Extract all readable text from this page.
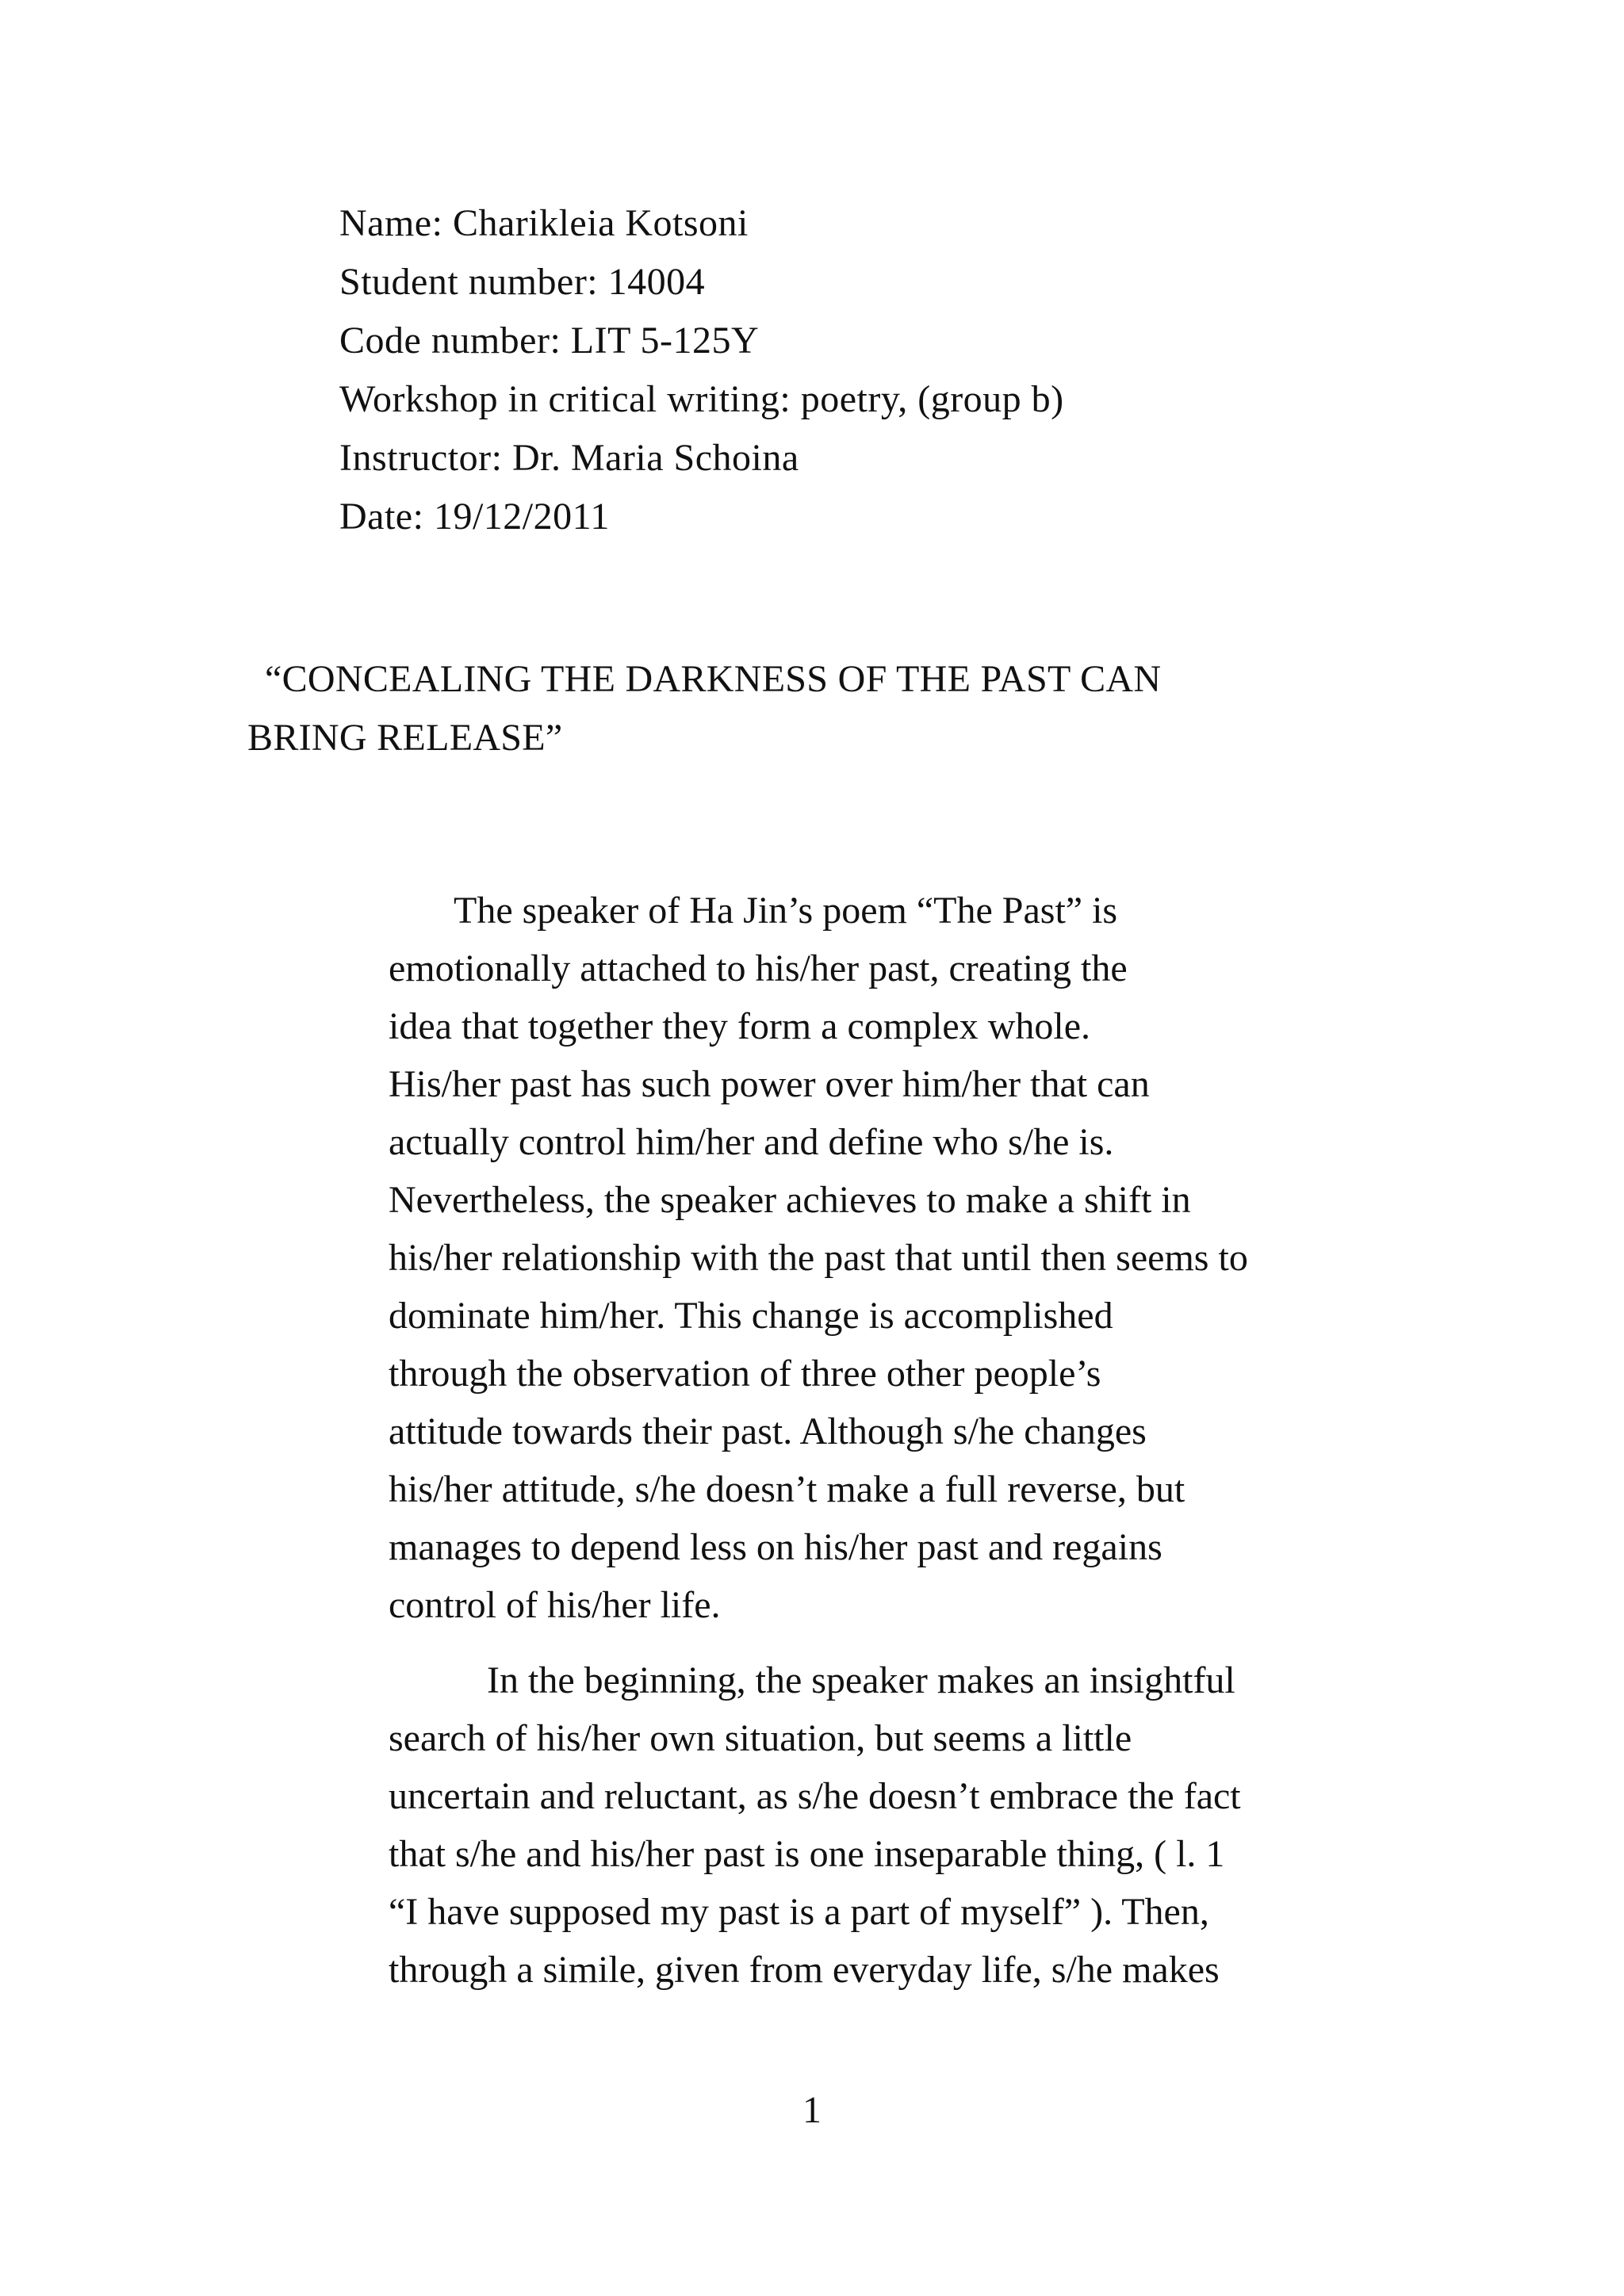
Name: Charikleia Kotsoni
Student number: 14004
Code number: LIT 5-125Y
Workshop in critical writing: poetry, (group b)
Instructor: Dr. Maria Schoina
Date: 19/12/2011
“CONCEALING THE DARKNESS OF THE PAST CAN
BRING RELEASE”
The speaker of Ha Jin’s poem “The Past” is
emotionally attached to his/her past, creating the
idea that together they form a complex whole.
His/her past has such power over him/her that can
actually control him/her and define who s/he is.
Nevertheless, the speaker achieves to make a shift in
his/her relationship with the past that until then seems to
dominate him/her. This change is accomplished
through the observation of three other people’s
attitude towards their past. Although s/he changes
his/her attitude, s/he doesn’t make a full reverse, but
manages to depend less on his/her past and regains
control of his/her life.
In the beginning, the speaker makes an insightful
search of his/her own situation, but seems a little
uncertain and reluctant, as s/he doesn’t embrace the fact
that s/he and his/her past is one inseparable thing, ( l. 1
“I have supposed my past is a part of myself” ). Then,
through a simile, given from everyday life, s/he makes
1
